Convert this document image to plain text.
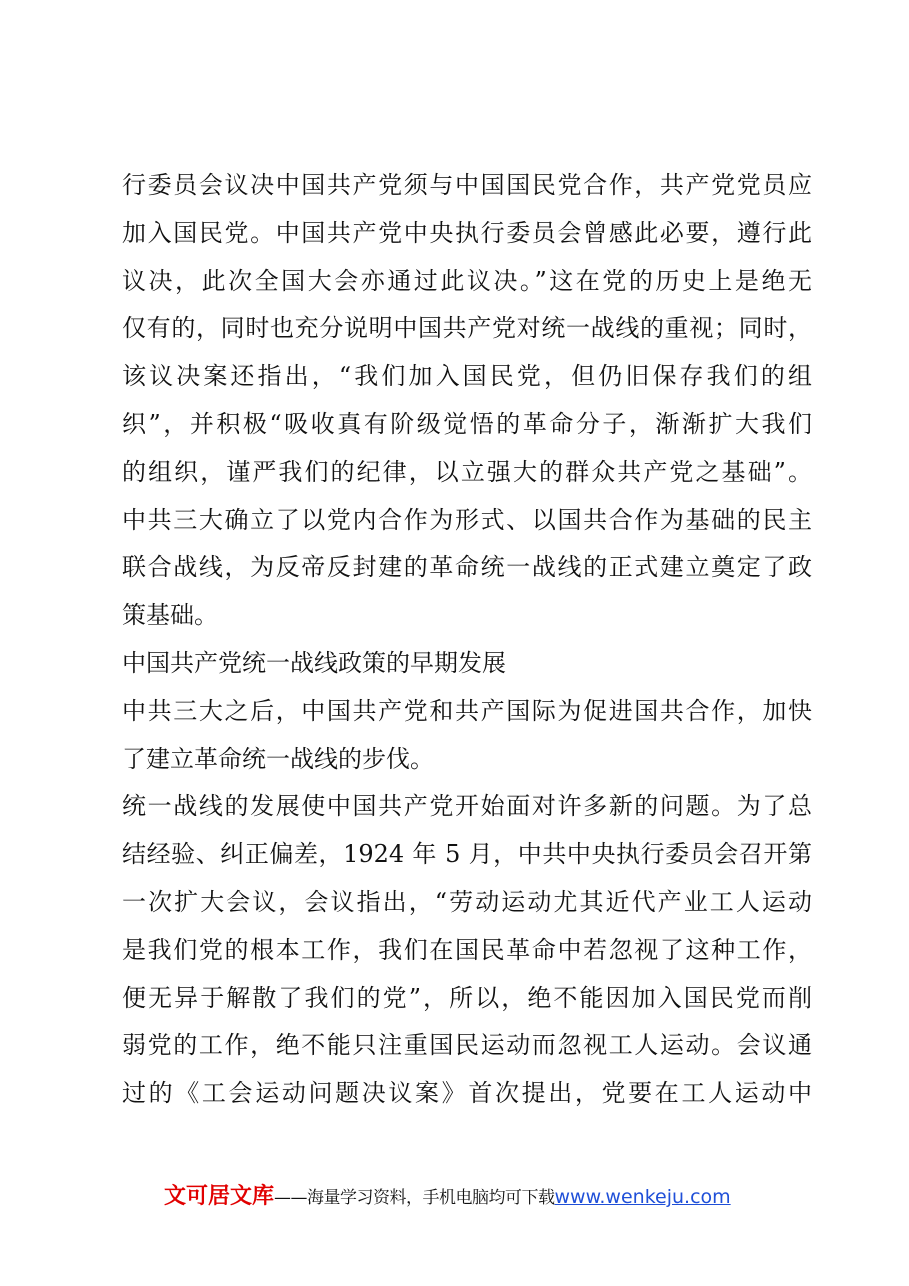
行委员会议决中国共产党须与中国国民党合作，共产党党员应
加入国民党。中国共产党中央执行委员会曾感此必要，遵行此
议决，此次全国大会亦通过此议决。”这在党的历史上是绝无
仅有的，同时也充分说明中国共产党对统一战线的重视；同时，
该议决案还指出，“我们加入国民党，但仍旧保存我们的组
织”，并积极“吸收真有阶级觉悟的革命分子，渐渐扩大我们
的组织，谨严我们的纪律，以立强大的群众共产党之基础”。
中共三大确立了以党内合作为形式、以国共合作为基础的民主
联合战线，为反帝反封建的革命统一战线的正式建立奠定了政
策基础。
中国共产党统一战线政策的早期发展
中共三大之后，中国共产党和共产国际为促进国共合作，加快
了建立革命统一战线的步伐。
统一战线的发展使中国共产党开始面对许多新的问题。为了总
结经验、纠正偏差，1924 年 5 月，中共中央执行委员会召开第
一次扩大会议，会议指出，“劳动运动尤其近代产业工人运动
是我们党的根本工作，我们在国民革命中若忽视了这种工作，
便无异于解散了我们的党”，所以，绝不能因加入国民党而削
弱党的工作，绝不能只注重国民运动而忽视工人运动。会议通
过的《工会运动问题决议案》首次提出，党要在工人运动中
文可居文库——海量学习资料，手机电脑均可下载www.wenkeju.com
